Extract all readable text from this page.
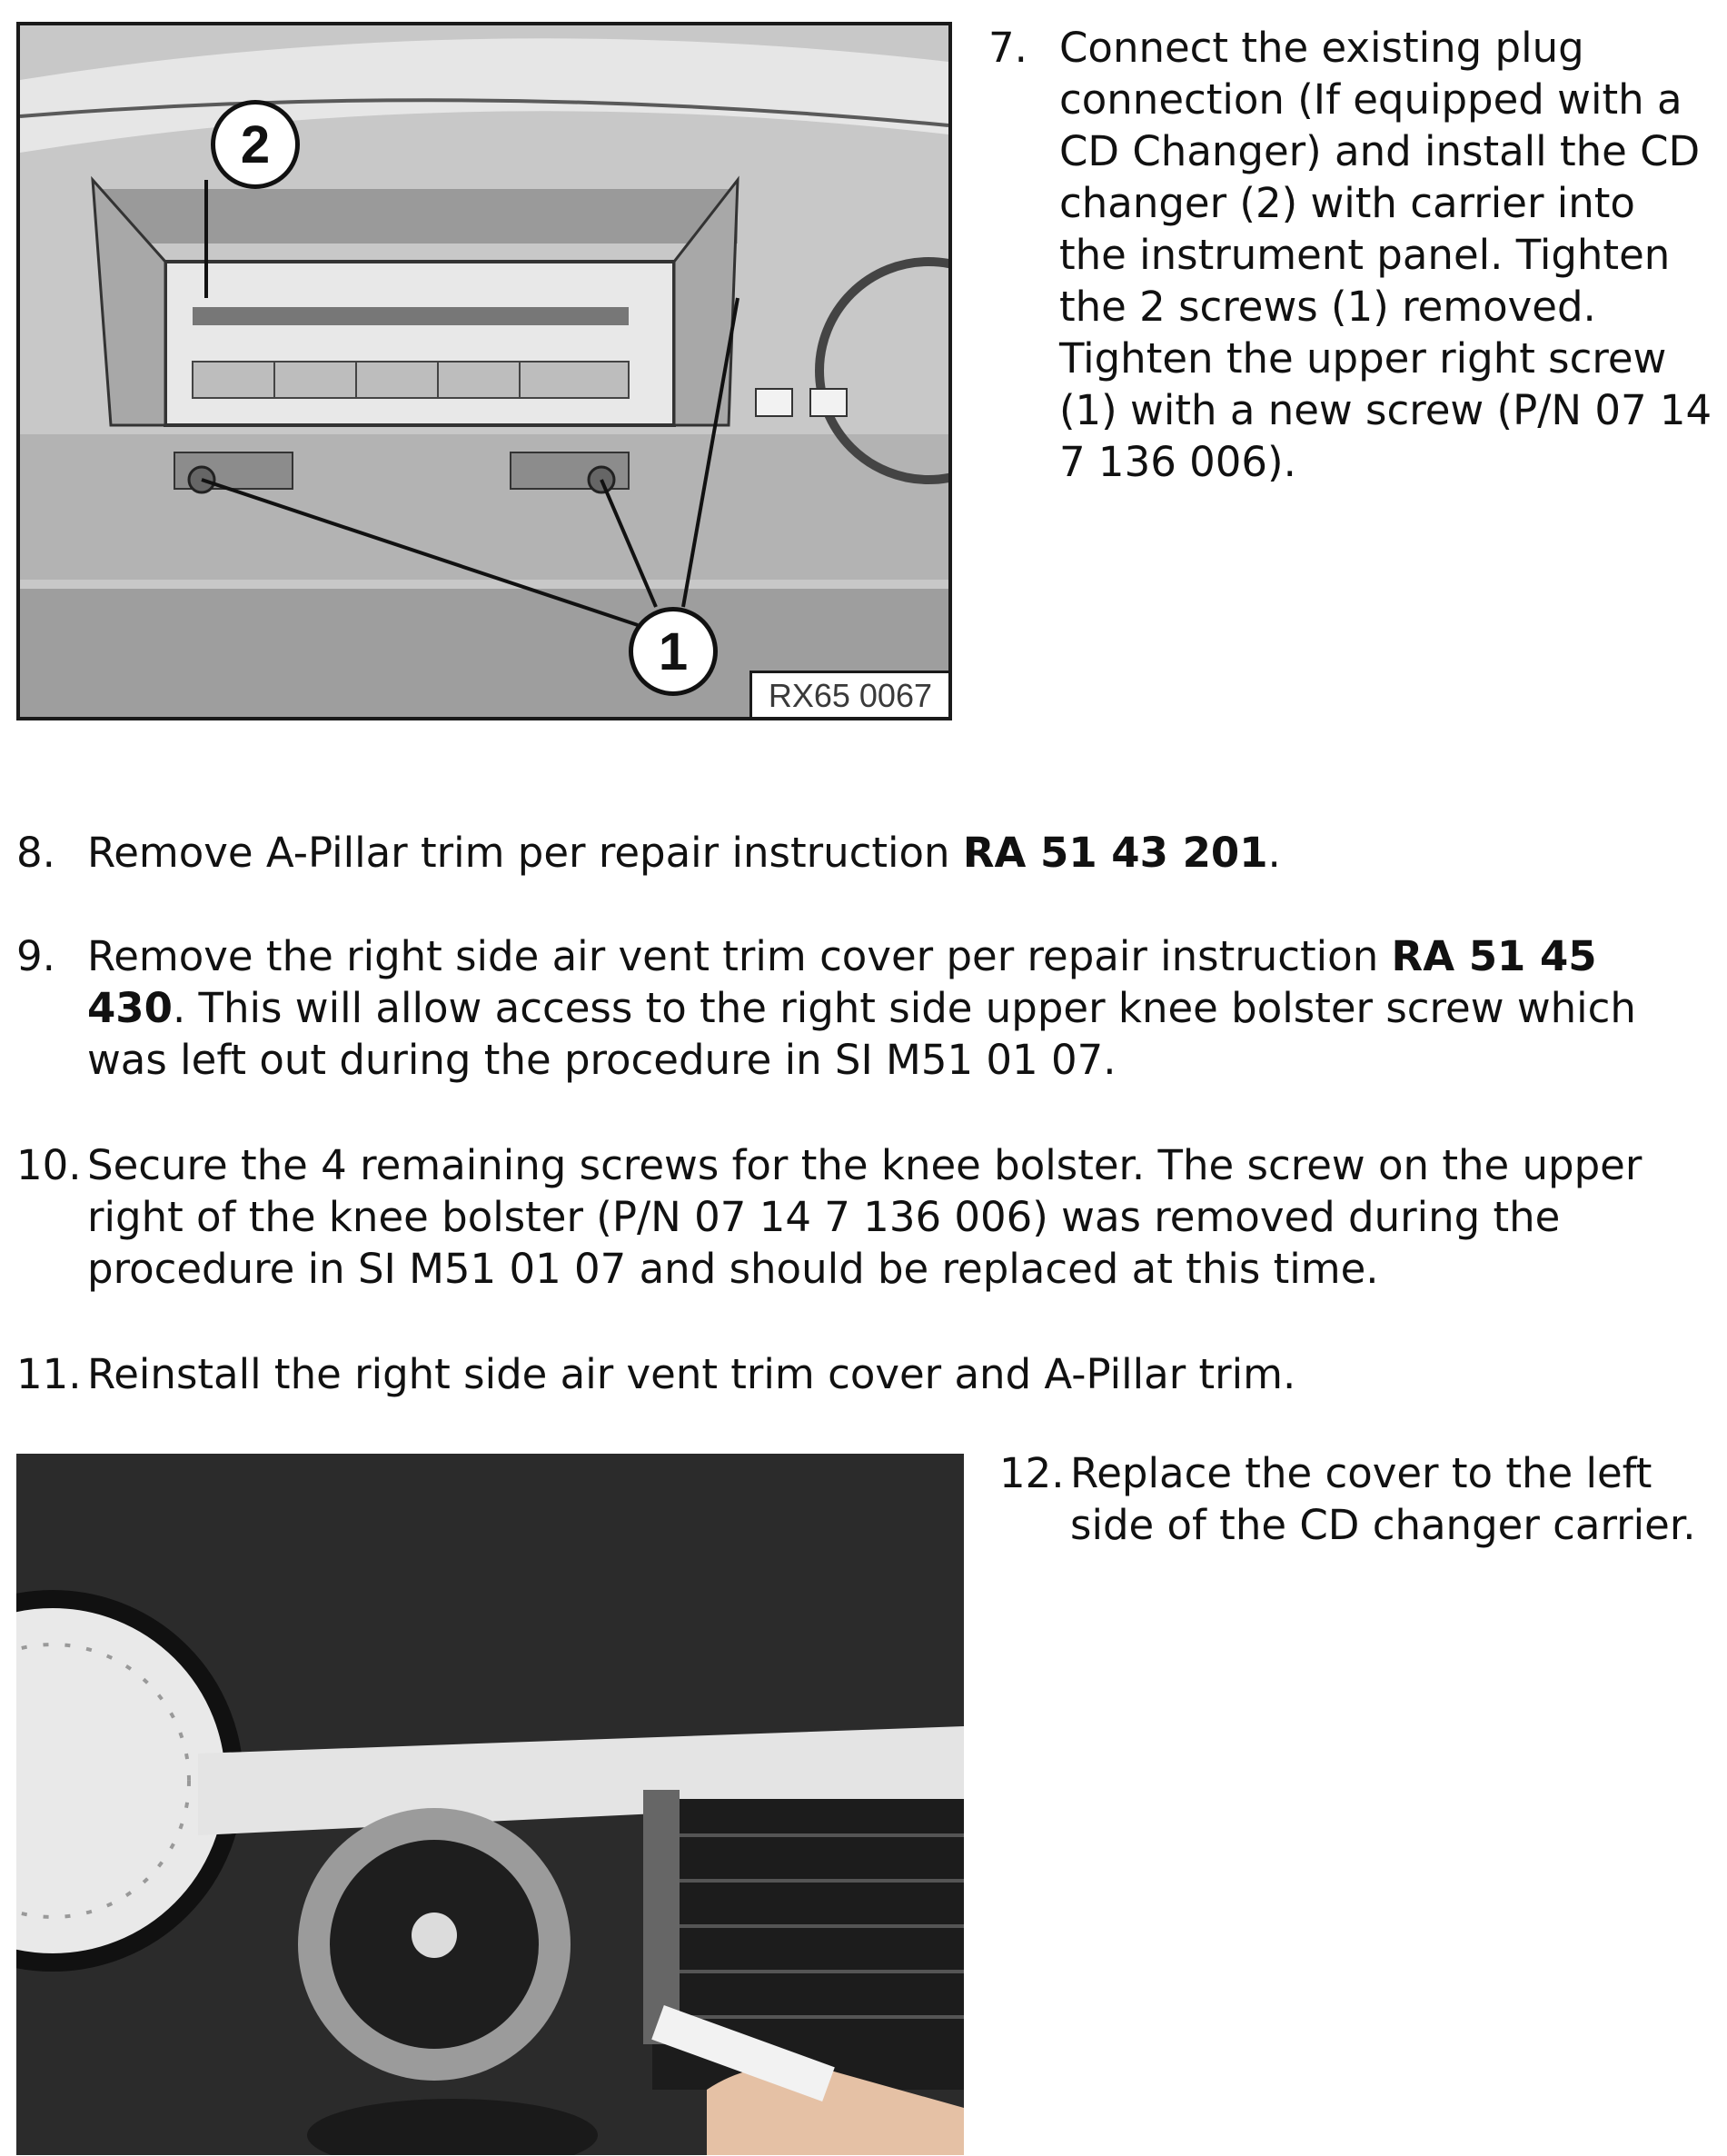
2
1
RX65 0067
7. Connect the existing plug connection (If equipped with a CD Changer) and install the CD changer (2) with carrier into the instrument panel. Tighten the 2 screws (1) removed. Tighten the upper right screw (1) with a new screw (P/N 07 14 7 136 006).
8. Remove A-Pillar trim per repair instruction RA 51 43 201.
9. Remove the right side air vent trim cover per repair instruction RA 51 45 430. This will allow access to the right side upper knee bolster screw which was left out during the procedure in SI M51 01 07.
10. Secure the 4 remaining screws for the knee bolster. The screw on the upper right of the knee bolster (P/N 07 14 7 136 006) was removed during the procedure in SI M51 01 07 and should be replaced at this time.
11. Reinstall the right side air vent trim cover and A-Pillar trim.
12. Replace the cover to the left side of the CD changer carrier.
